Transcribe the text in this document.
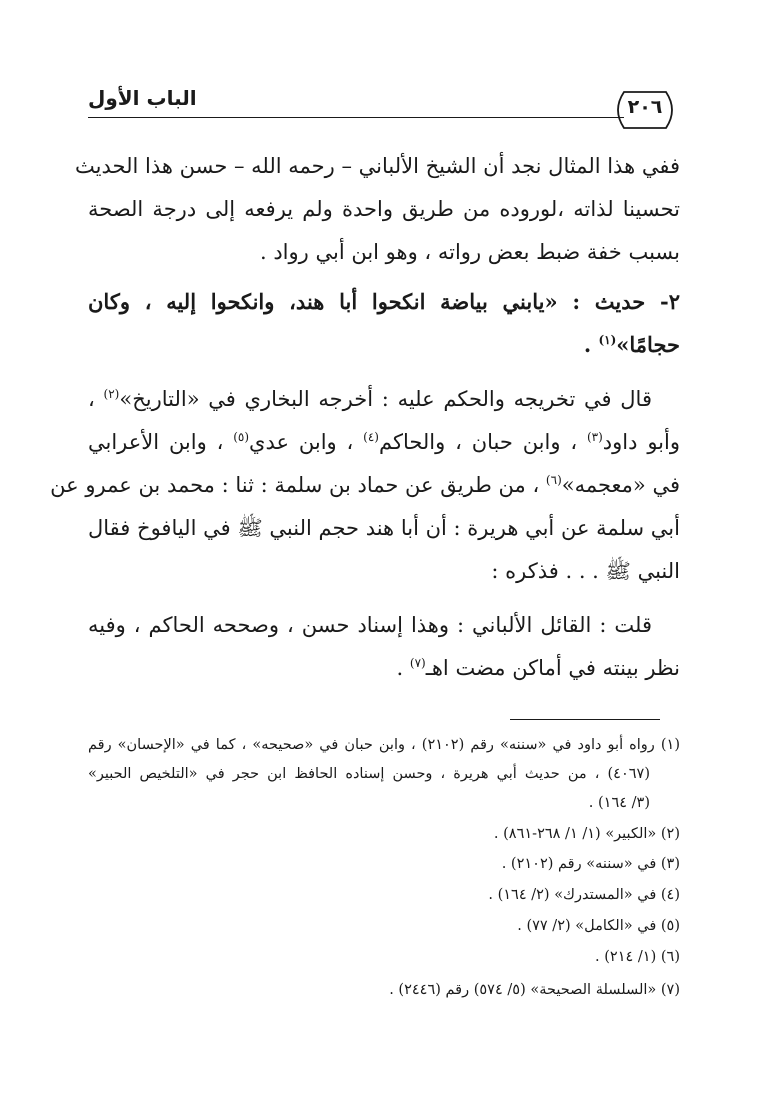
الباب الأول	٢٠٦
ففي هذا المثال نجد أن الشيخ الألباني – رحمه الله – حسن هذا الحديث
تحسينا لذاته ،لوروده من طريق واحدة ولم يرفعه إلى درجة الصحة
بسبب خفة ضبط بعض رواته ، وهو ابن أبي رواد .
٢- حديث : «يابني بياضة انكحوا أبا هند، وانكحوا إليه ، وكان
حجامًا»$^{(١)}$ .
قال في تخريجه والحكم عليه : أخرجه البخاري في «التاريخ»$^{(٢)}$ ،
وأبو داود$^{(٣)}$ ، وابن حبان ، والحاكم$^{(٤)}$ ، وابن عدي$^{(٥)}$ ، وابن الأعرابي
في «معجمه»$^{(٦)}$ ، من طريق عن حماد بن سلمة : ثنا : محمد بن عمرو عن
أبي سلمة عن أبي هريرة : أن أبا هند حجم النبي ﷺ في اليافوخ فقال
النبي ﷺ . . . فذكره :
قلت : القائل الألباني : وهذا إسناد حسن ، وصححه الحاكم ، وفيه
نظر بينته في أماكن مضت اهـ$^{(٧)}$ .
(١) رواه أبو داود في «سننه» رقم (٢١٠٢) ، وابن حبان في «صحيحه» ، كما في «الإحسان» رقم
(٤٠٦٧) ، من حديث أبي هريرة ، وحسن إسناده الحافظ ابن حجر في «التلخيص الحبير»
(٣/ ١٦٤) .
(٢) «الكبير» (١/ ١/ ٢٦٨-٨٦١) .
(٣) في «سننه» رقم (٢١٠٢) .
(٤) في «المستدرك» (٢/ ١٦٤) .
(٥) في «الكامل» (٢/ ٧٧) .
(٦) (١/ ٢١٤) .
(٧) «السلسلة الصحيحة» (٥/ ٥٧٤) رقم (٢٤٤٦) .
